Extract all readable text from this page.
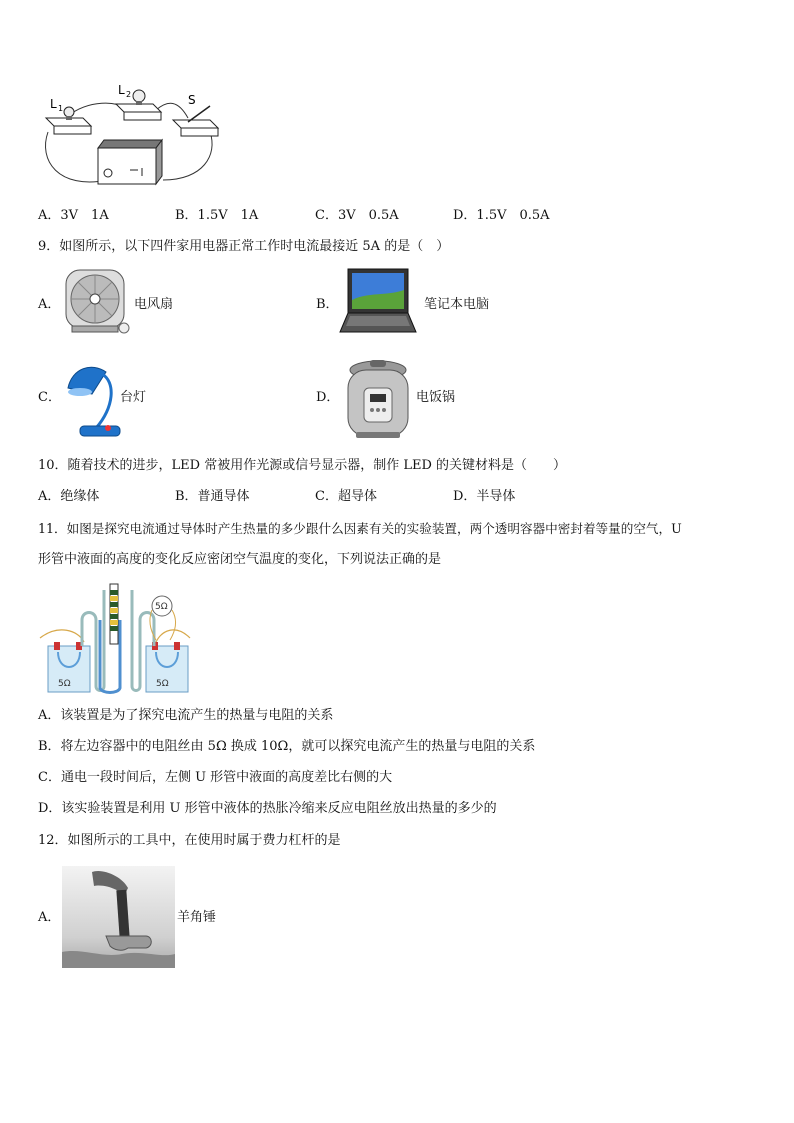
L 1
L 2	S
A．3V　1A	B．1.5V　1A	C．3V　0.5A	D．1.5V　0.5A
9．如图所示，以下四件家用电器正常工作时电流最接近 5A 的是（　）
A．	电风扇	B．	笔记本电脑
C．	台灯	D．	电饭锅
10．随着技术的进步，LED 常被用作光源或信号显示器，制作 LED 的关键材料是（　　）
A．绝缘体	B．普通导体	C．超导体	D．半导体
11．如图是探究电流通过导体时产生热量的多少跟什么因素有关的实验装置，两个透明容器中密封着等量的空气，U
形管中液面的高度的变化反应密闭空气温度的变化，下列说法正确的是
5Ω	5Ω
5Ω
A．该装置是为了探究电流产生的热量与电阻的关系
B．将左边容器中的电阻丝由 5Ω 换成 10Ω，就可以探究电流产生的热量与电阻的关系
C．通电一段时间后，左侧 U 形管中液面的高度差比右侧的大
D．该实验装置是利用 U 形管中液体的热胀冷缩来反应电阻丝放出热量的多少的
12．如图所示的工具中，在使用时属于费力杠杆的是
A．	羊角锤
